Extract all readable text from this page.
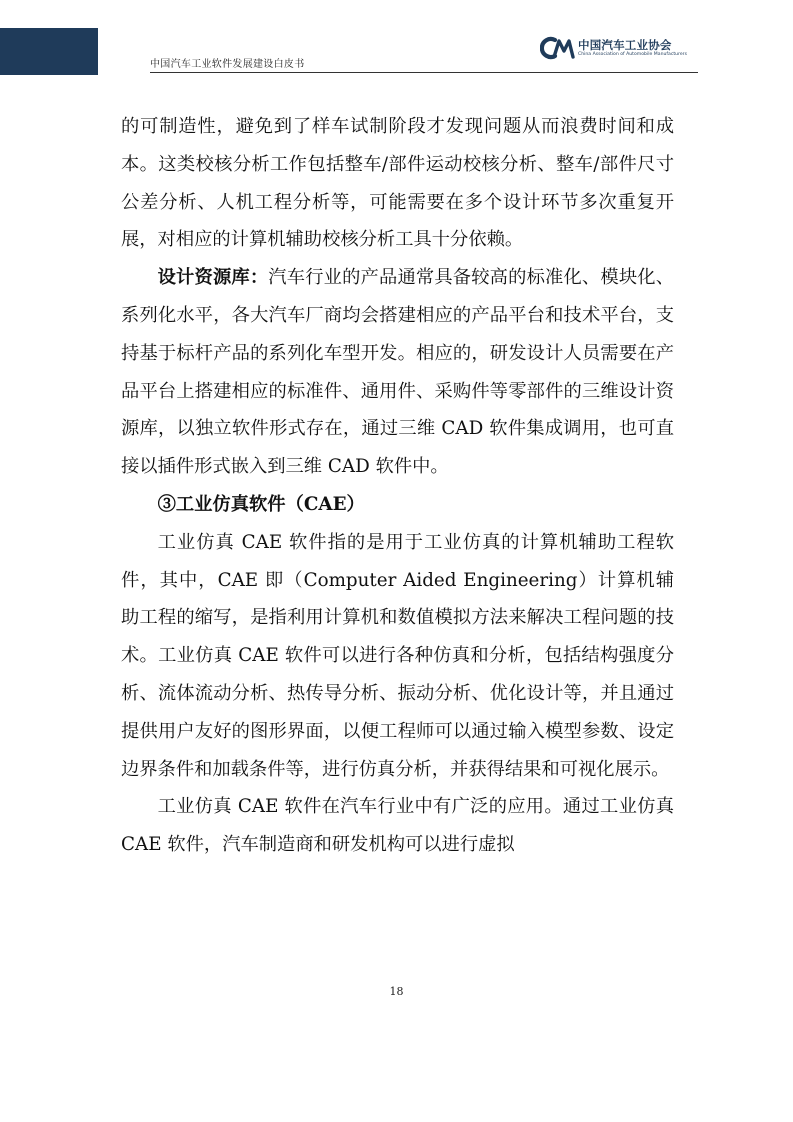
中国汽车工业软件发展建设白皮书
中国汽车工业协会
China Association of Automobile Manufacturers

的可制造性，避免到了样车试制阶段才发现问题从而浪费时间和成本。这类校核分析工作包括整车/部件运动校核分析、整车/部件尺寸公差分析、人机工程分析等，可能需要在多个设计环节多次重复开展，对相应的计算机辅助校核分析工具十分依赖。

设计资源库：汽车行业的产品通常具备较高的标准化、模块化、系列化水平，各大汽车厂商均会搭建相应的产品平台和技术平台，支持基于标杆产品的系列化车型开发。相应的，研发设计人员需要在产品平台上搭建相应的标准件、通用件、采购件等零部件的三维设计资源库，以独立软件形式存在，通过三维 CAD 软件集成调用，也可直接以插件形式嵌入到三维 CAD 软件中。

③工业仿真软件（CAE）

工业仿真 CAE 软件指的是用于工业仿真的计算机辅助工程软件，其中，CAE 即（Computer Aided Engineering）计算机辅助工程的缩写，是指利用计算机和数值模拟方法来解决工程问题的技术。工业仿真 CAE 软件可以进行各种仿真和分析，包括结构强度分析、流体流动分析、热传导分析、振动分析、优化设计等，并且通过提供用户友好的图形界面，以便工程师可以通过输入模型参数、设定边界条件和加载条件等，进行仿真分析，并获得结果和可视化展示。

工业仿真 CAE 软件在汽车行业中有广泛的应用。通过工业仿真 CAE 软件，汽车制造商和研发机构可以进行虚拟

18
